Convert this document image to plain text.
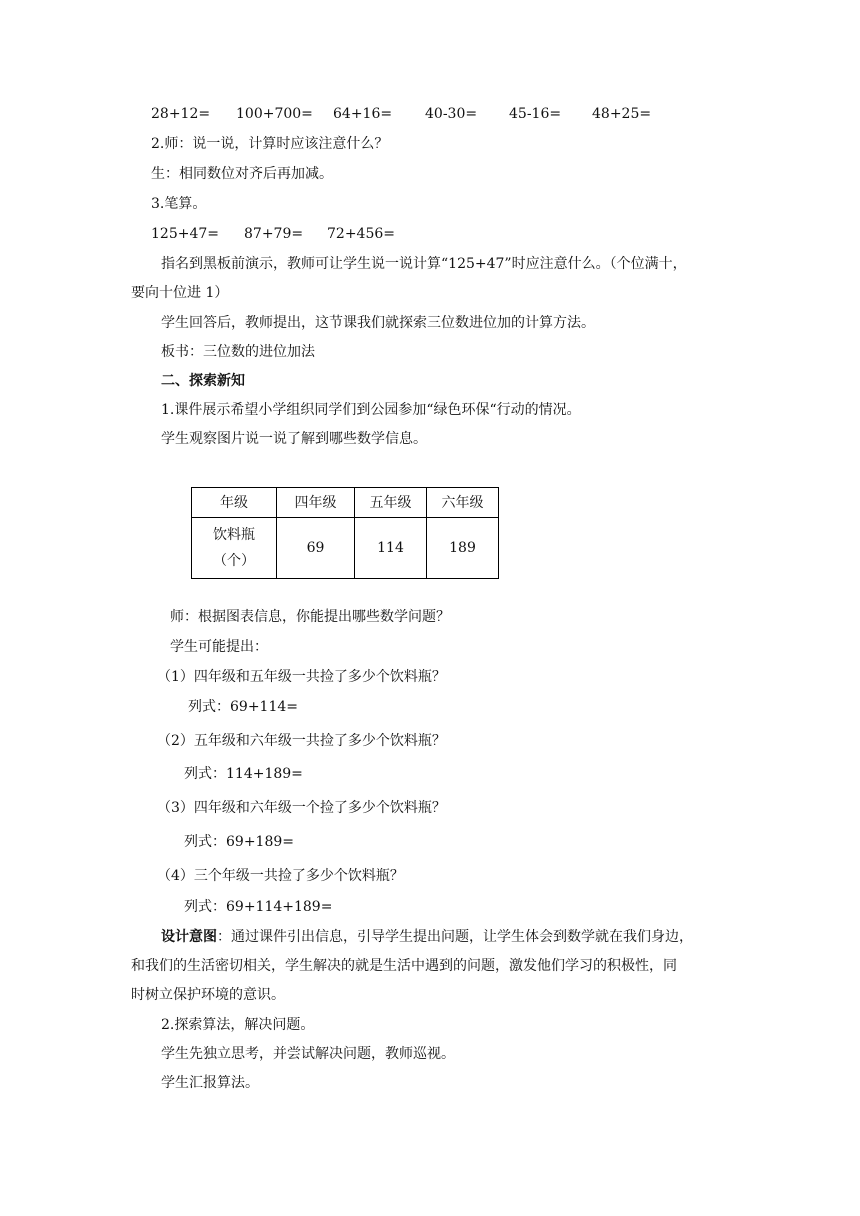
28+12= 100+700= 64+16= 40-30= 45-16= 48+25=
2.师：说一说，计算时应该注意什么？
生：相同数位对齐后再加减。
3.笔算。
125+47= 87+79= 72+456=
指名到黑板前演示，教师可让学生说一说计算“125+47”时应注意什么。（个位满十，
要向十位进 1）
学生回答后，教师提出，这节课我们就探索三位数进位加的计算方法。
板书：三位数的进位加法
二、探索新知
1.课件展示希望小学组织同学们到公园参加“绿色环保“行动的情况。
学生观察图片说一说了解到哪些数学信息。
年级	四年级	五年级	六年级

饮料瓶
（个）	69	114	189
师：根据图表信息，你能提出哪些数学问题？
学生可能提出：
（1）四年级和五年级一共捡了多少个饮料瓶？
列式：69+114=
（2）五年级和六年级一共捡了多少个饮料瓶？
列式：114+189=
（3）四年级和六年级一个捡了多少个饮料瓶？
列式：69+189=
（4）三个年级一共捡了多少个饮料瓶？
列式：69+114+189=
设计意图：通过课件引出信息，引导学生提出问题，让学生体会到数学就在我们身边，
和我们的生活密切相关，学生解决的就是生活中遇到的问题，激发他们学习的积极性，同
时树立保护环境的意识。
2.探索算法，解决问题。
学生先独立思考，并尝试解决问题，教师巡视。
学生汇报算法。
